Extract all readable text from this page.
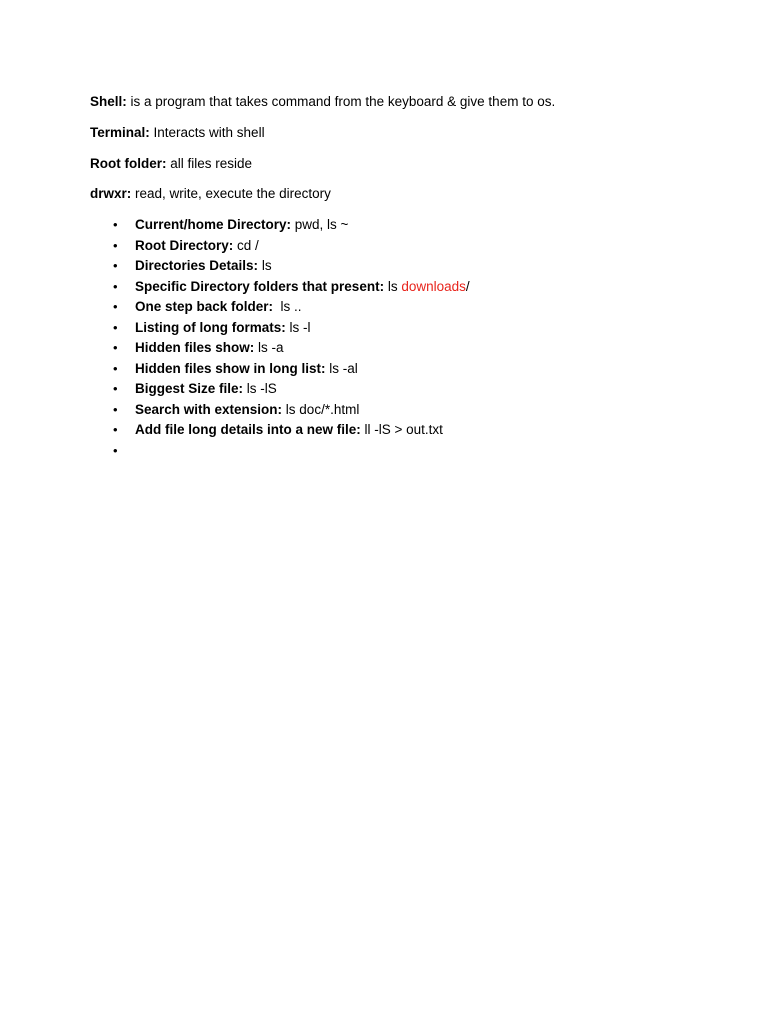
Shell: is a program that takes command from the keyboard & give them to os.
Terminal: Interacts with shell
Root folder: all files reside
drwxr: read, write, execute the directory
• Current/home Directory: pwd, ls ~
• Root Directory: cd /
• Directories Details: ls
• Specific Directory folders that present: ls downloads/
• One step back folder:  ls ..
• Listing of long formats: ls -l
• Hidden files show: ls -a
• Hidden files show in long list: ls -al
• Biggest Size file: ls -lS
• Search with extension: ls doc/*.html
• Add file long details into a new file: ll -lS > out.txt
•
